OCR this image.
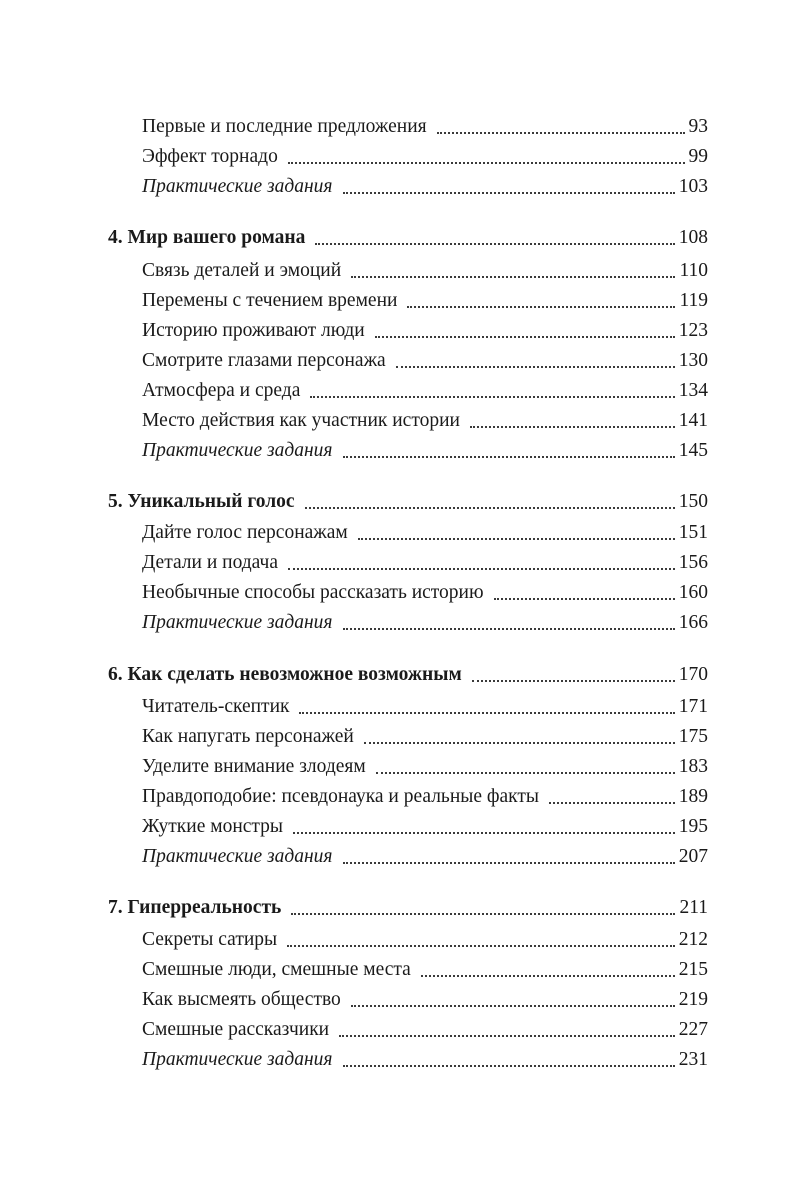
Первые и последние предложения	93
Эффект торнадо	99
Практические задания	103
4. Мир вашего романа	108
Связь деталей и эмоций	110
Перемены с течением времени	119
Историю проживают люди	123
Смотрите глазами персонажа	130
Атмосфера и среда	134
Место действия как участник истории	141
Практические задания	145
5. Уникальный голос	150
Дайте голос персонажам	151
Детали и подача	156
Необычные способы рассказать историю	160
Практические задания	166
6. Как сделать невозможное возможным	170
Читатель-скептик	171
Как напугать персонажей	175
Уделите внимание злодеям	183
Правдоподобие: псевдонаука и реальные факты	189
Жуткие монстры	195
Практические задания	207
7. Гиперреальность	211
Секреты сатиры	212
Смешные люди, смешные места	215
Как высмеять общество	219
Смешные рассказчики	227
Практические задания	231
